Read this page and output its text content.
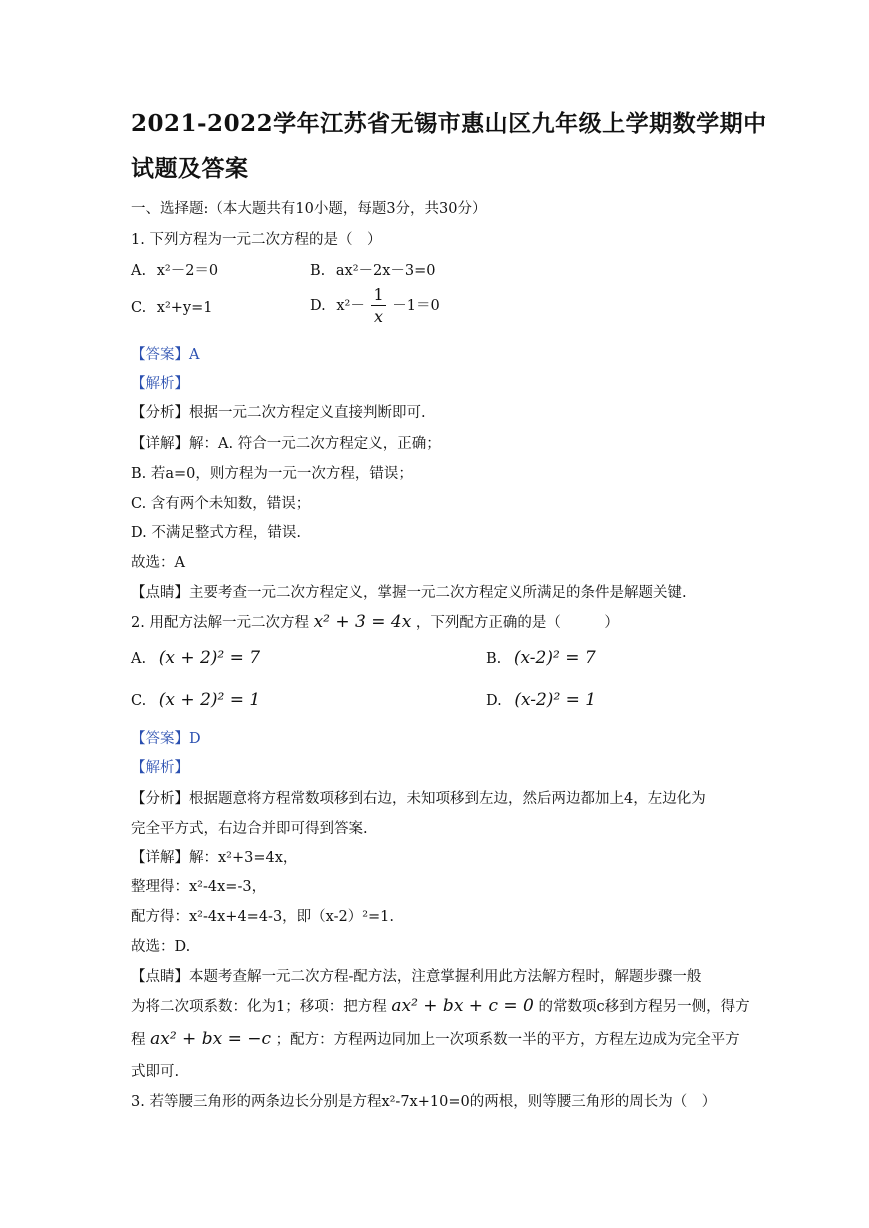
2021-2022学年江苏省无锡市惠山区九年级上学期数学期中
试题及答案
一、选择题:（本大题共有10小题，每题3分，共30分）
1. 下列方程为一元二次方程的是（　）
A. x²－2＝0	B. ax²－2x－3=0
C. x²+y=1	D. $x^2- \frac{1}{x} -1=0$
【答案】A
【解析】
【分析】根据一元二次方程定义直接判断即可.
【详解】解：A. 符合一元二次方程定义，正确；
B. 若a=0，则方程为一元一次方程，错误；
C. 含有两个未知数，错误；
D. 不满足整式方程，错误.
故选：A
【点睛】主要考查一元二次方程定义，掌握一元二次方程定义所满足的条件是解题关键.
2. 用配方法解一元二次方程 x² + 3 = 4x ，下列配方正确的是（　　　）
A. (x + 2)² = 7	B. (x-2)² = 7
C. (x + 2)² = 1	D. (x-2)² = 1
【答案】D
【解析】
【分析】根据题意将方程常数项移到右边，未知项移到左边，然后两边都加上4，左边化为
完全平方式，右边合并即可得到答案.
【详解】解：x²+3=4x，
整理得：x²-4x=-3，
配方得：x²-4x+4=4-3，即（x-2）²=1.
故选：D.
【点睛】本题考查解一元二次方程-配方法，注意掌握利用此方法解方程时，解题步骤一般
为将二次项系数：化为1；移项：把方程 ax² + bx + c = 0 的常数项c移到方程另一侧，得方
程 ax² + bx = −c ；配方：方程两边同加上一次项系数一半的平方，方程左边成为完全平方
式即可.
3. 若等腰三角形的两条边长分别是方程x²-7x+10=0的两根，则等腰三角形的周长为（　）
